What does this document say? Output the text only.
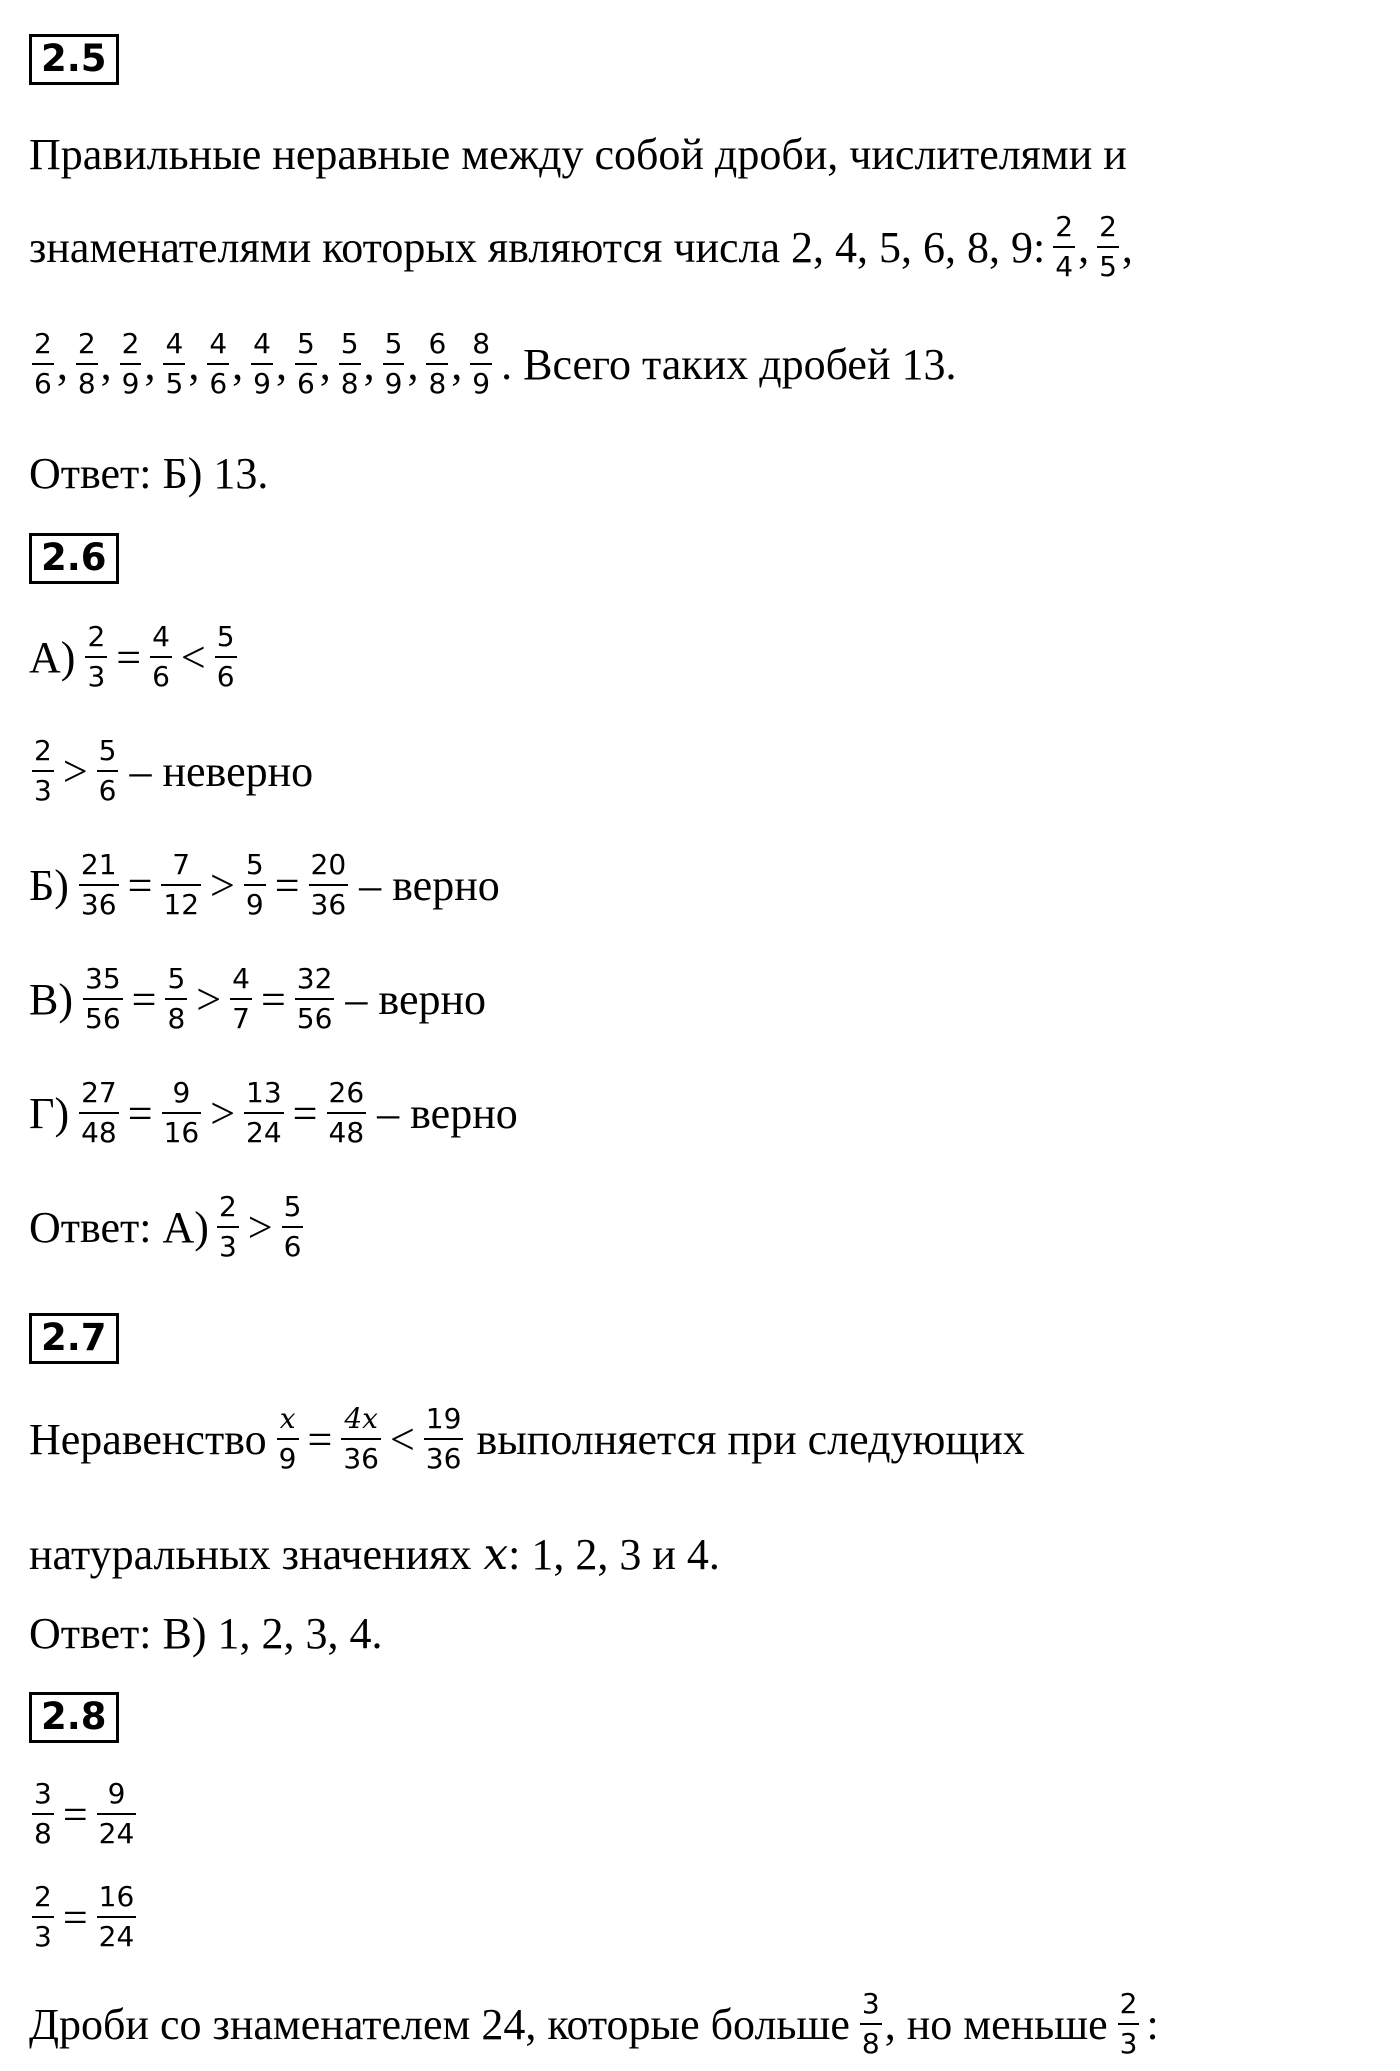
2.5
Правильные неравные между собой дроби, числителями и
знаменателями которых являются числа 2, 4, 5, 6, 8, 9: $\frac{2}{4}$ , $\frac{2}{5}$ ,
$\frac{2}{6}$ , $\frac{2}{8}$ , $\frac{2}{9}$ , $\frac{4}{5}$ , $\frac{4}{6}$ , $\frac{4}{9}$ , $\frac{5}{6}$ , $\frac{5}{8}$ , $\frac{5}{9}$ , $\frac{6}{8}$ , $\frac{8}{9}$ . Всего таких дробей 13.
Ответ: Б) 13.
2.6
$А) \frac{2}{3} = \frac{4}{6} < \frac{5}{6}$
$\frac{2}{3} > \frac{5}{6}$ – неверно
$Б) \frac{21}{36} = \frac{7}{12} > \frac{5}{9} = \frac{20}{36}$ – верно
$В) \frac{35}{56} = \frac{5}{8} > \frac{4}{7} = \frac{32}{56}$ – верно
$Г) \frac{27}{48} = \frac{9}{16} > \frac{13}{24} = \frac{26}{48}$ – верно
Ответ: $А) \frac{2}{3} > \frac{5}{6}$
2.7
Неравенство $\frac{x}{9} = \frac{4x}{36} < \frac{19}{36}$ выполняется при следующих
натуральных значениях x : 1, 2, 3 и 4.
Ответ: В) 1, 2, 3, 4.
2.8
$\frac{3}{8} = \frac{9}{24}$
$\frac{2}{3} = \frac{16}{24}$
Дроби со знаменателем 24, которые больше $\frac{3}{8}$ , но меньше $\frac{2}{3}$ :
